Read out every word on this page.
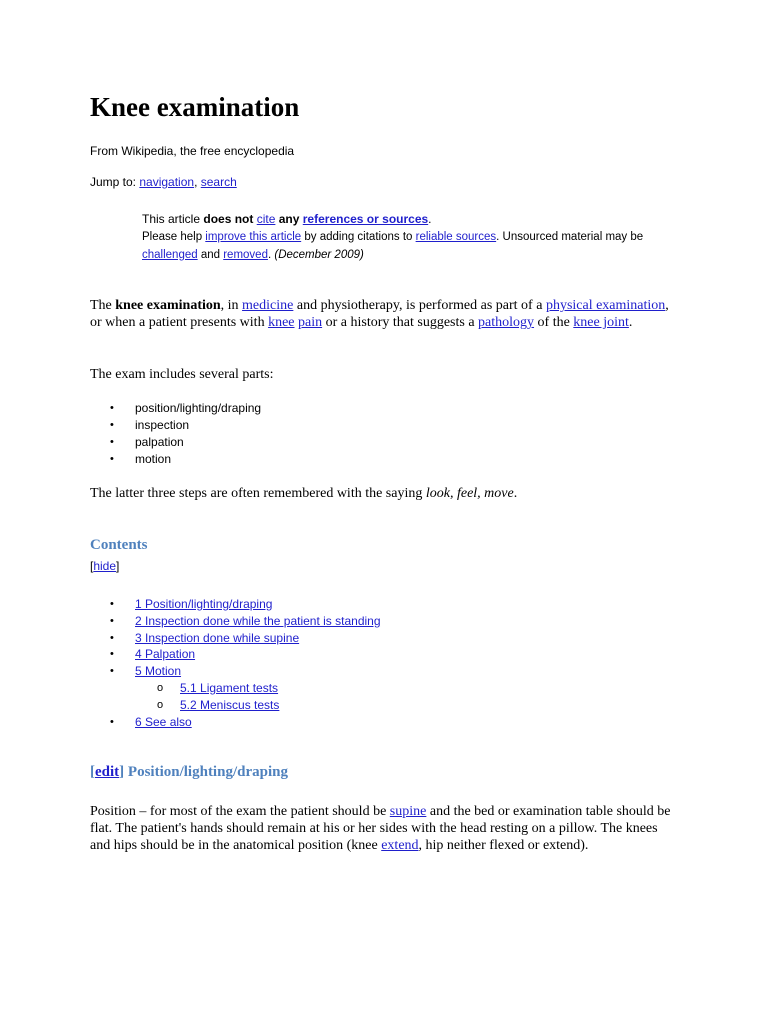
Knee examination
From Wikipedia, the free encyclopedia
Jump to: navigation, search
This article does not cite any references or sources.
Please help improve this article by adding citations to reliable sources. Unsourced material may be
challenged and removed. (December 2009)
The knee examination, in medicine and physiotherapy, is performed as part of a physical examination, or when a patient presents with knee pain or a history that suggests a pathology of the knee joint.
The exam includes several parts:
• position/lighting/draping
• inspection
• palpation
• motion
The latter three steps are often remembered with the saying look, feel, move.
Contents
[hide]
• 1 Position/lighting/draping
• 2 Inspection done while the patient is standing
• 3 Inspection done while supine
• 4 Palpation
• 5 Motion
o 5.1 Ligament tests
o 5.2 Meniscus tests
• 6 See also
[edit] Position/lighting/draping
Position – for most of the exam the patient should be supine and the bed or examination table should be flat. The patient's hands should remain at his or her sides with the head resting on a pillow. The knees and hips should be in the anatomical position (knee extend, hip neither flexed or extend).
